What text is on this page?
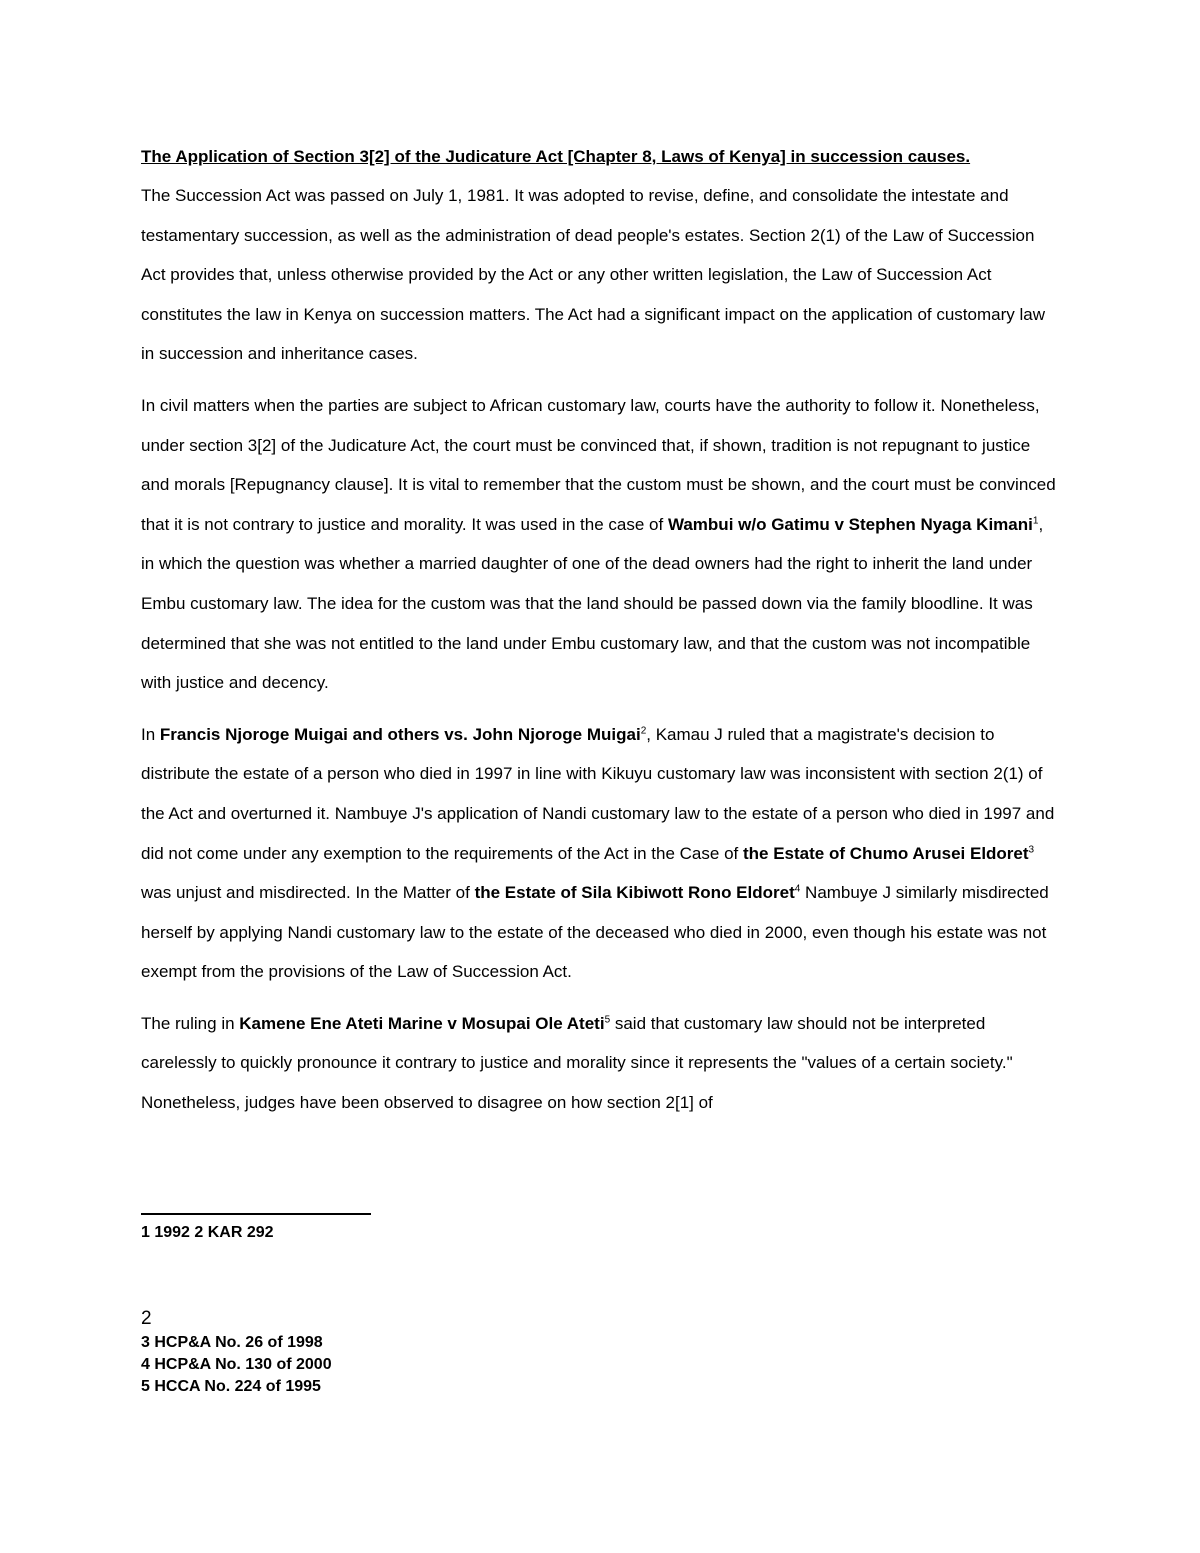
The Application of Section 3[2] of the Judicature Act [Chapter 8, Laws of Kenya] in succession causes.

The Succession Act was passed on July 1, 1981. It was adopted to revise, define, and consolidate the intestate and testamentary succession, as well as the administration of dead people's estates. Section 2(1) of the Law of Succession Act provides that, unless otherwise provided by the Act or any other written legislation, the Law of Succession Act constitutes the law in Kenya on succession matters. The Act had a significant impact on the application of customary law in succession and inheritance cases.

In civil matters when the parties are subject to African customary law, courts have the authority to follow it. Nonetheless, under section 3[2] of the Judicature Act, the court must be convinced that, if shown, tradition is not repugnant to justice and morals [Repugnancy clause]. It is vital to remember that the custom must be shown, and the court must be convinced that it is not contrary to justice and morality. It was used in the case of Wambui w/o Gatimu v Stephen Nyaga Kimani$^1$, in which the question was whether a married daughter of one of the dead owners had the right to inherit the land under Embu customary law. The idea for the custom was that the land should be passed down via the family bloodline. It was determined that she was not entitled to the land under Embu customary law, and that the custom was not incompatible with justice and decency.

In Francis Njoroge Muigai and others vs. John Njoroge Muigai$^2$, Kamau J ruled that a magistrate's decision to distribute the estate of a person who died in 1997 in line with Kikuyu customary law was inconsistent with section 2(1) of the Act and overturned it. Nambuye J's application of Nandi customary law to the estate of a person who died in 1997 and did not come under any exemption to the requirements of the Act in the Case of the Estate of Chumo Arusei Eldoret$^3$ was unjust and misdirected. In the Matter of the Estate of Sila Kibiwott Rono Eldoret$^4$ Nambuye J similarly misdirected herself by applying Nandi customary law to the estate of the deceased who died in 2000, even though his estate was not exempt from the provisions of the Law of Succession Act.

The ruling in Kamene Ene Ateti Marine v Mosupai Ole Ateti$^5$ said that customary law should not be interpreted carelessly to quickly pronounce it contrary to justice and morality since it represents the "values of a certain society." Nonetheless, judges have been observed to disagree on how section 2[1] of

1 1992 2 KAR 292

2

3 HCP&A No. 26 of 1998

4 HCP&A No. 130 of 2000

5 HCCA No. 224 of 1995
